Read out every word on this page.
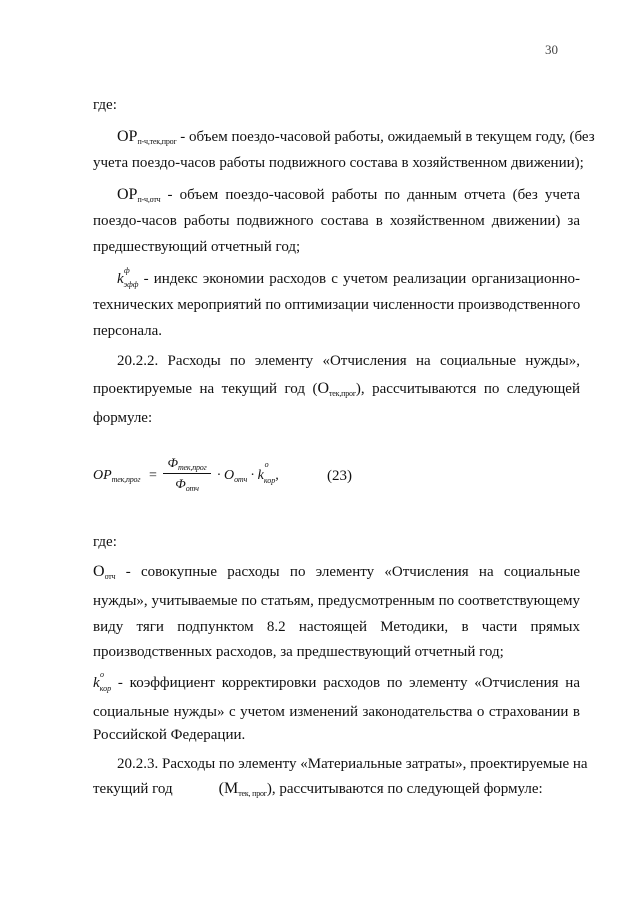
30
где:
$ОР_{п-ч,тек,прог}$ - объем поездо-часовой работы, ожидаемый в текущем году, (без
учета поездо-часов работы подвижного состава в хозяйственном движении);
$ОР_{п-ч,отч}$ - объем поездо-часовой работы по данным отчета (без учета
поездо-часов работы подвижного состава в хозяйственном движении) за
предшествующий отчетный год;
k
ф
$_{эфф}$ - индекс экономии расходов с учетом реализации организационно-
технических мероприятий по оптимизации численности производственного
персонала.
20.2.2. Расходы по элементу «Отчисления на социальные нужды»,
проектируемые на текущий год $(О_{тек,прог})$, рассчитываются по следующей
формуле:
$OP_{тек,прог}$ =
$Ф_{тек,прог}$
$Ф_{отч}$
· $О_{отч} \cdot k$
о
$_{кор}$,	(23)
где:
$О_{отч}$ - совокупные расходы по элементу «Отчисления на социальные
нужды», учитываемые по статьям, предусмотренным по соответствующему
виду тяги подпунктом 8.2 настоящей Методики, в части прямых
производственных расходов, за предшествующий отчетный год;
k
о
$_{кор}$ - коэффициент корректировки расходов по элементу «Отчисления на
социальные нужды» с учетом изменений законодательства о страховании в
Российской Федерации.
20.2.3. Расходы по элементу «Материальные затраты», проектируемые на
текущий год	$(М_{тек, прог})$, рассчитываются по следующей формуле:
